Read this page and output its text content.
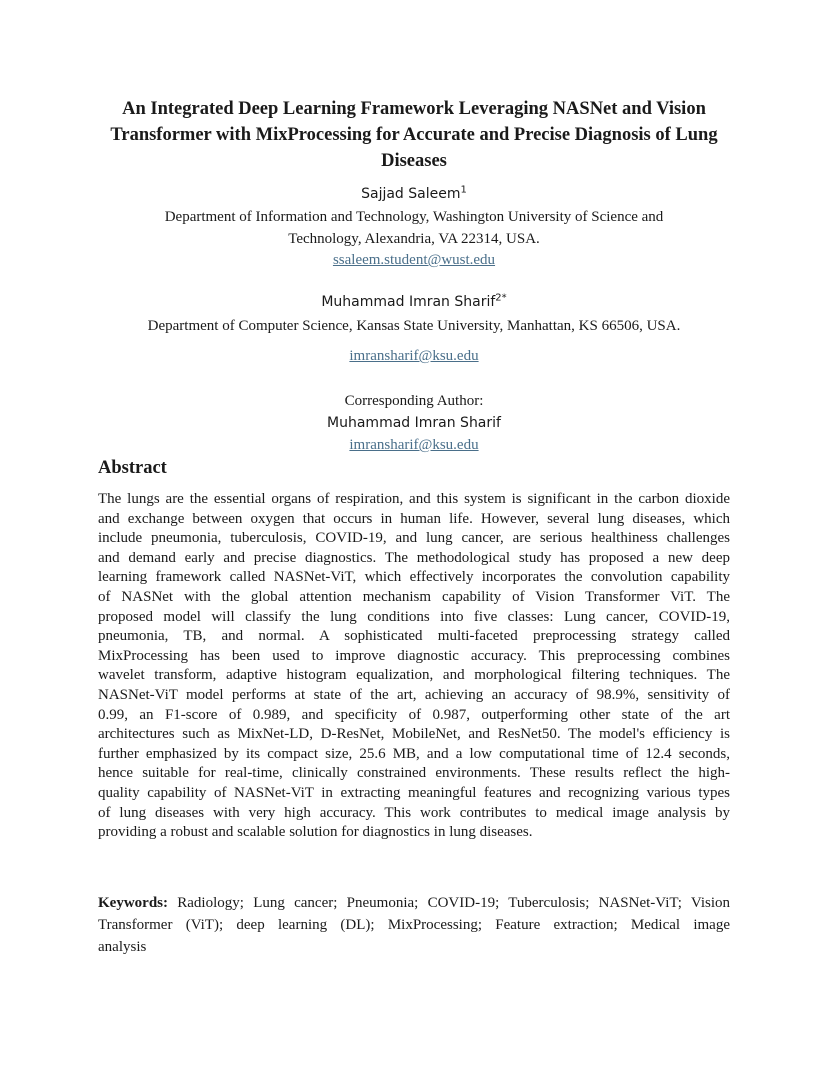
An Integrated Deep Learning Framework Leveraging NASNet and Vision
Transformer with MixProcessing for Accurate and Precise Diagnosis of Lung
Diseases
Sajjad Saleem$^1$
Department of Information and Technology, Washington University of Science and
Technology, Alexandria, VA 22314, USA.
ssaleem.student@wust.edu
Muhammad Imran Sharif$^{2*}$
Department of Computer Science, Kansas State University, Manhattan, KS 66506, USA.
imransharif@ksu.edu
Corresponding Author:
Muhammad Imran Sharif
imransharif@ksu.edu
Abstract

The lungs are the essential organs of respiration, and this system is significant in the carbon dioxide
and exchange between oxygen that occurs in human life. However, several lung diseases, which
include pneumonia, tuberculosis, COVID-19, and lung cancer, are serious healthiness challenges
and demand early and precise diagnostics. The methodological study has proposed a new deep
learning framework called NASNet-ViT, which effectively incorporates the convolution capability
of NASNet with the global attention mechanism capability of Vision Transformer ViT. The
proposed model will classify the lung conditions into five classes: Lung cancer, COVID-19,
pneumonia, TB, and normal. A sophisticated multi-faceted preprocessing strategy called
MixProcessing has been used to improve diagnostic accuracy. This preprocessing combines
wavelet transform, adaptive histogram equalization, and morphological filtering techniques. The
NASNet-ViT model performs at state of the art, achieving an accuracy of 98.9%, sensitivity of
0.99, an F1-score of 0.989, and specificity of 0.987, outperforming other state of the art
architectures such as MixNet-LD, D-ResNet, MobileNet, and ResNet50. The model's efficiency is
further emphasized by its compact size, 25.6 MB, and a low computational time of 12.4 seconds,
hence suitable for real-time, clinically constrained environments. These results reflect the high-
quality capability of NASNet-ViT in extracting meaningful features and recognizing various types
of lung diseases with very high accuracy. This work contributes to medical image analysis by
providing a robust and scalable solution for diagnostics in lung diseases.

Keywords: Radiology; Lung cancer; Pneumonia; COVID-19; Tuberculosis; NASNet-ViT; Vision
Transformer (ViT); deep learning (DL); MixProcessing; Feature extraction; Medical image
analysis
